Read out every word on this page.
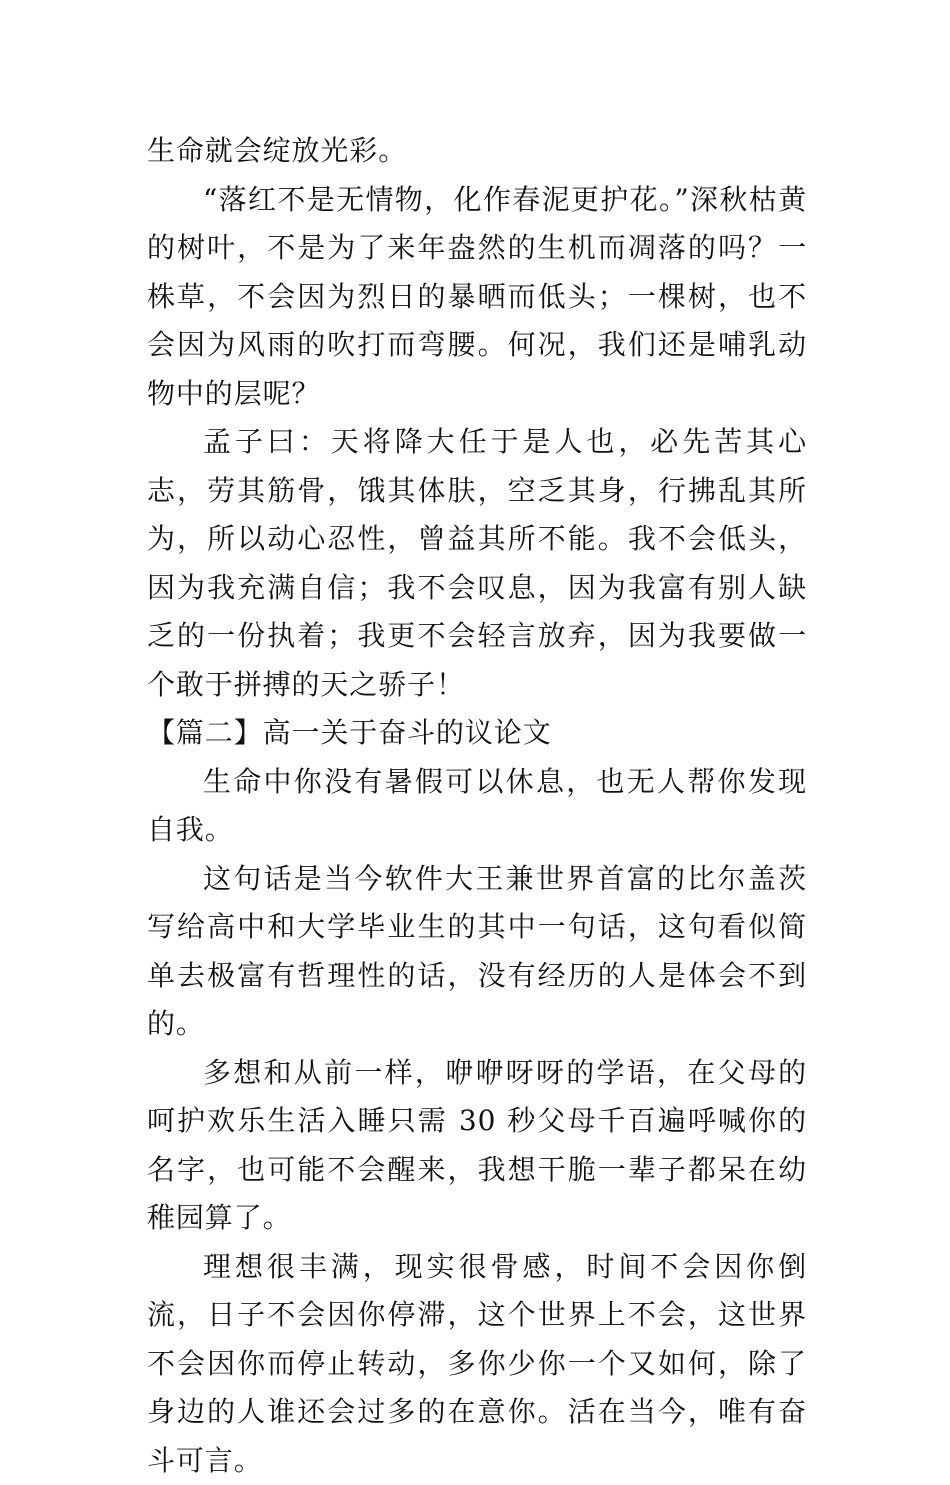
生命就会绽放光彩。

“落红不是无情物，化作春泥更护花。”深秋枯黄的树叶，不是为了来年盎然的生机而凋落的吗？一株草，不会因为烈日的暴晒而低头；一棵树，也不会因为风雨的吹打而弯腰。何况，我们还是哺乳动物中的层呢？

孟子曰：天将降大任于是人也，必先苦其心志，劳其筋骨，饿其体肤，空乏其身，行拂乱其所为，所以动心忍性，曾益其所不能。我不会低头，因为我充满自信；我不会叹息，因为我富有别人缺乏的一份执着；我更不会轻言放弃，因为我要做一个敢于拼搏的天之骄子！

【篇二】高一关于奋斗的议论文

生命中你没有暑假可以休息，也无人帮你发现自我。

这句话是当今软件大王兼世界首富的比尔盖茨写给高中和大学毕业生的其中一句话，这句看似简单去极富有哲理性的话，没有经历的人是体会不到的。

多想和从前一样，咿咿呀呀的学语，在父母的呵护欢乐生活入睡只需 30 秒父母千百遍呼喊你的名字，也可能不会醒来，我想干脆一辈子都呆在幼稚园算了。

理想很丰满，现实很骨感，时间不会因你倒流，日子不会因你停滞，这个世界上不会，这世界不会因你而停止转动，多你少你一个又如何，除了身边的人谁还会过多的在意你。活在当今，唯有奋斗可言。
